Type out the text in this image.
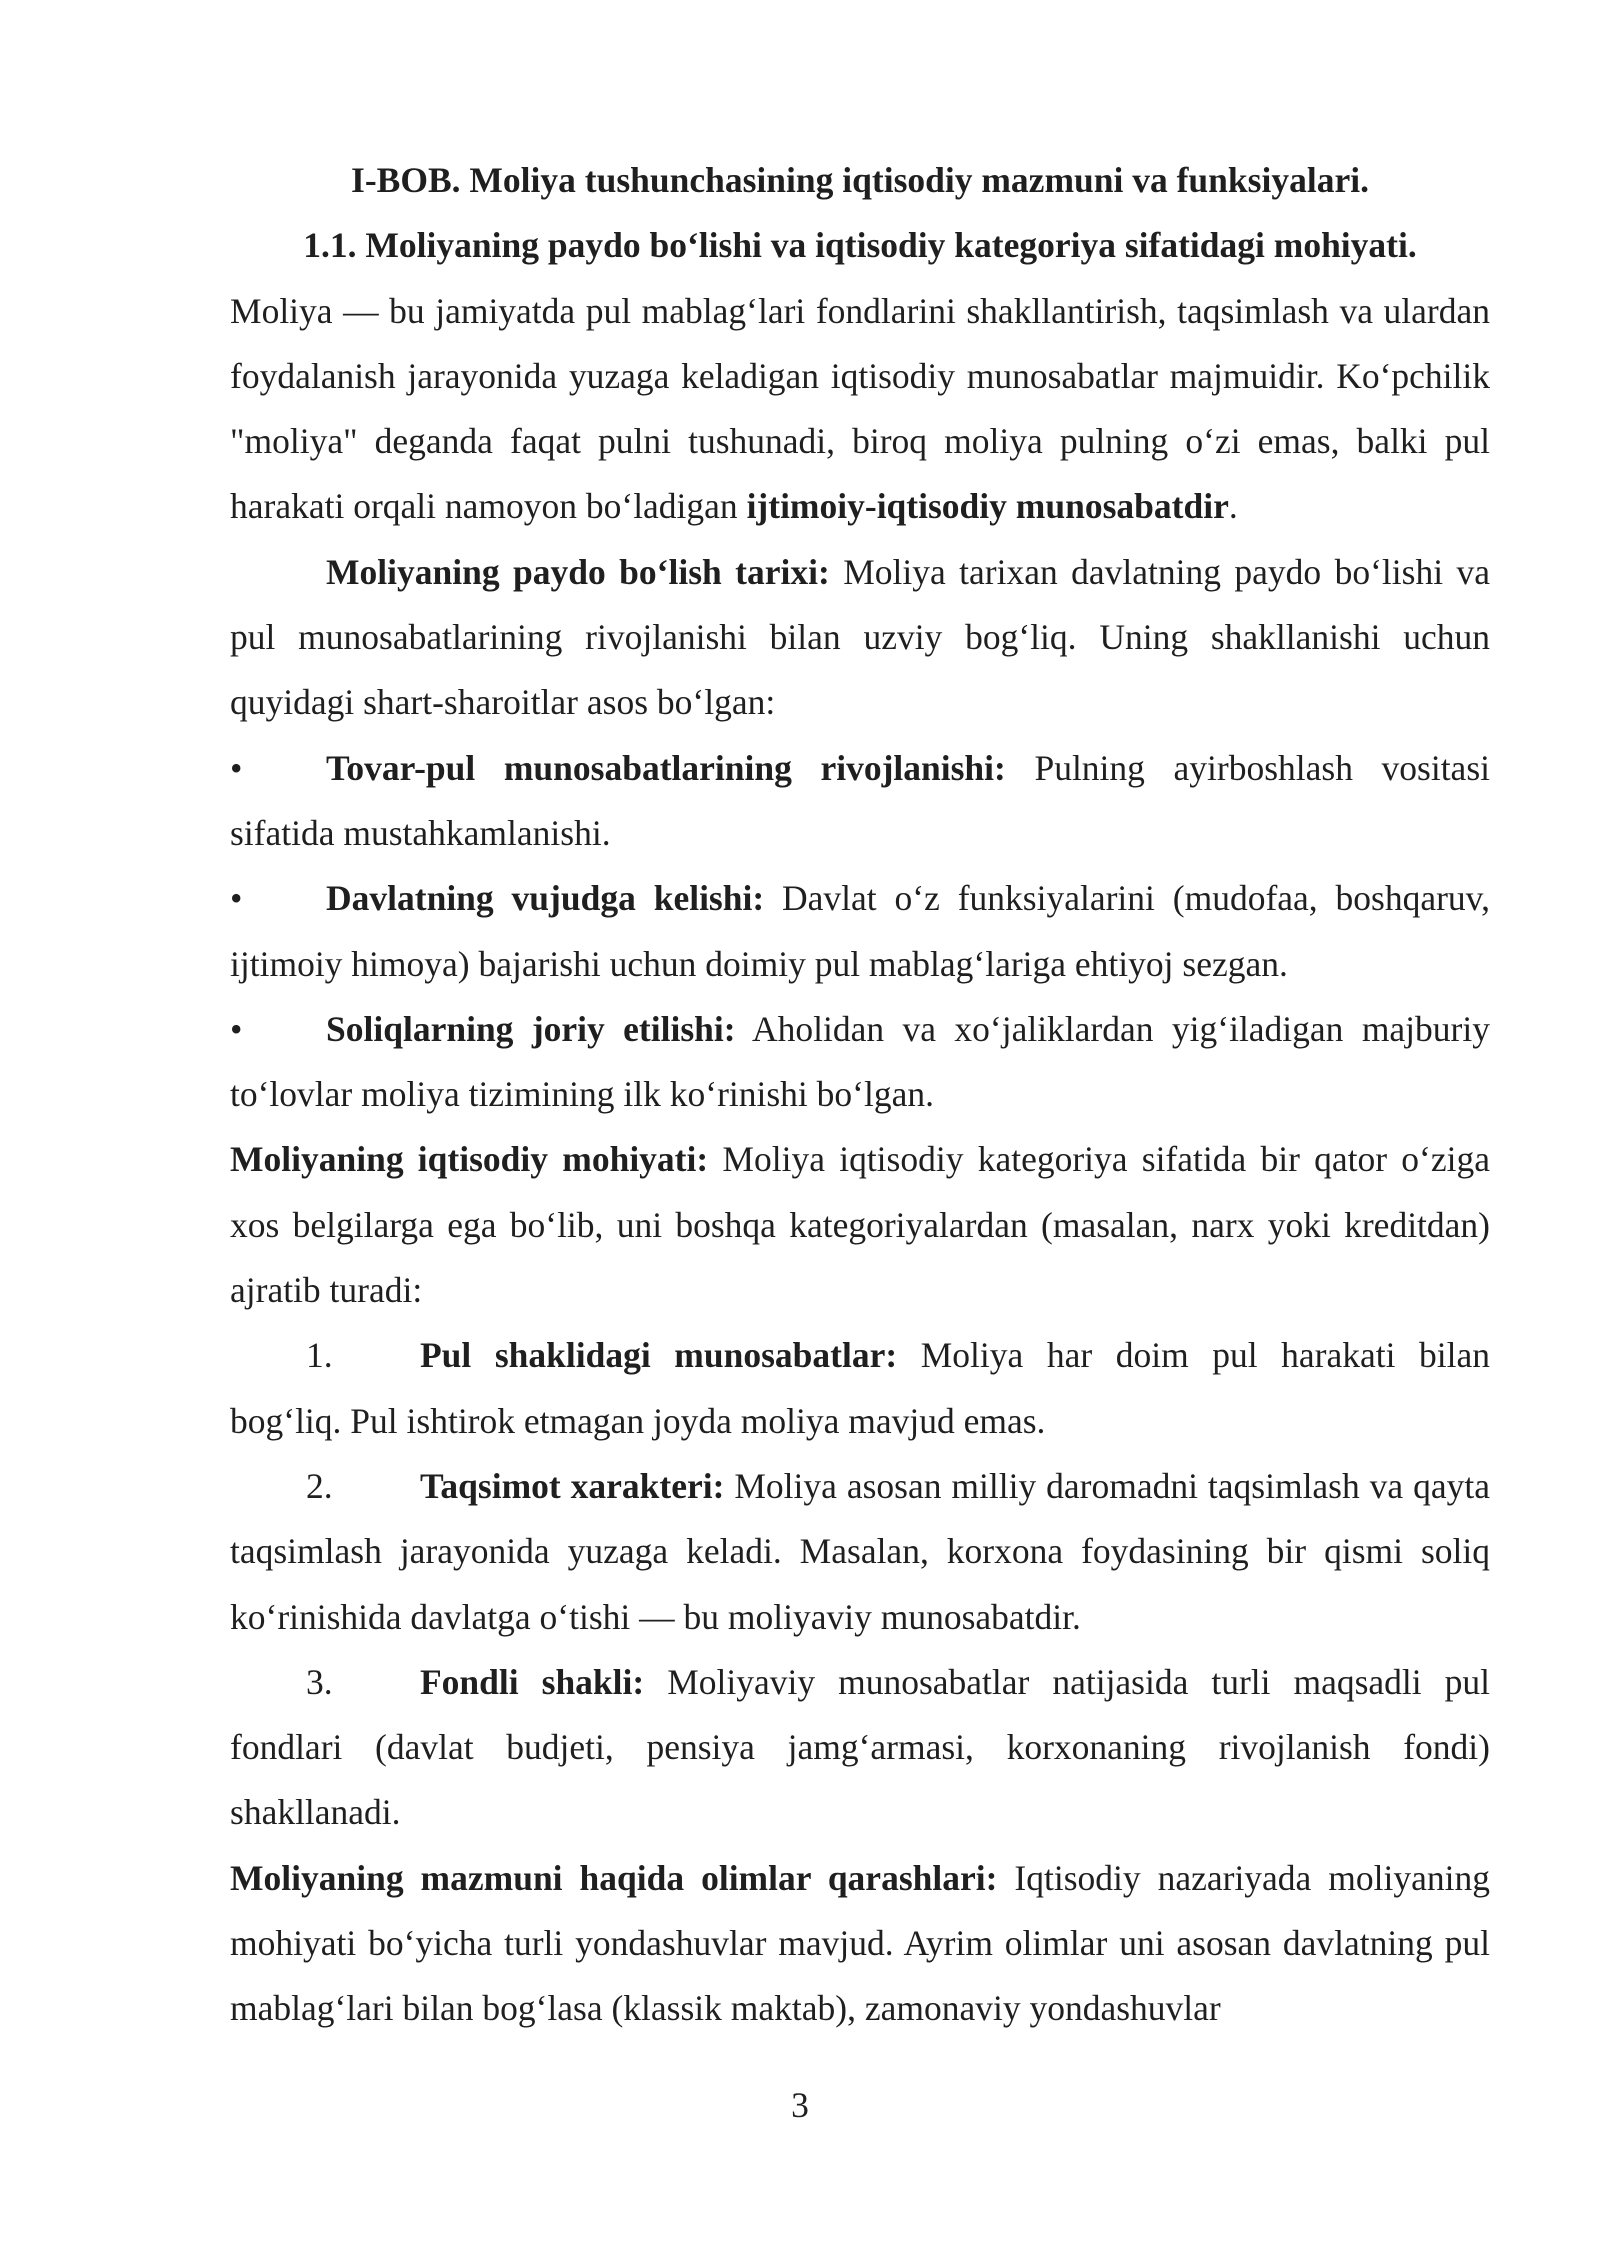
I-BOB. Moliya tushunchasining iqtisodiy mazmuni va funksiyalari.

1.1. Moliyaning paydo bo‘lishi va iqtisodiy kategoriya sifatidagi mohiyati.

Moliya — bu jamiyatda pul mablag‘lari fondlarini shakllantirish, taqsimlash va ulardan foydalanish jarayonida yuzaga keladigan iqtisodiy munosabatlar majmuidir. Ko‘pchilik "moliya" deganda faqat pulni tushunadi, biroq moliya pulning o‘zi emas, balki pul harakati orqali namoyon bo‘ladigan ijtimoiy-iqtisodiy munosabatdir.

Moliyaning paydo bo‘lish tarixi: Moliya tarixan davlatning paydo bo‘lishi va pul munosabatlarining rivojlanishi bilan uzviy bog‘liq. Uning shakllanishi uchun quyidagi shart-sharoitlar asos bo‘lgan:

• Tovar-pul munosabatlarining rivojlanishi: Pulning ayirboshlash vositasi sifatida mustahkamlanishi.

• Davlatning vujudga kelishi: Davlat o‘z funksiyalarini (mudofaa, boshqaruv, ijtimoiy himoya) bajarishi uchun doimiy pul mablag‘lariga ehtiyoj sezgan.

• Soliqlarning joriy etilishi: Aholidan va xo‘jaliklardan yig‘iladigan majburiy to‘lovlar moliya tizimining ilk ko‘rinishi bo‘lgan.

Moliyaning iqtisodiy mohiyati: Moliya iqtisodiy kategoriya sifatida bir qator o‘ziga xos belgilarga ega bo‘lib, uni boshqa kategoriyalardan (masalan, narx yoki kreditdan) ajratib turadi:

1. Pul shaklidagi munosabatlar: Moliya har doim pul harakati bilan bog‘liq. Pul ishtirok etmagan joyda moliya mavjud emas.

2. Taqsimot xarakteri: Moliya asosan milliy daromadni taqsimlash va qayta taqsimlash jarayonida yuzaga keladi. Masalan, korxona foydasining bir qismi soliq ko‘rinishida davlatga o‘tishi — bu moliyaviy munosabatdir.

3. Fondli shakli: Moliyaviy munosabatlar natijasida turli maqsadli pul fondlari (davlat budjeti, pensiya jamg‘armasi, korxonaning rivojlanish fondi) shakllanadi.

Moliyaning mazmuni haqida olimlar qarashlari: Iqtisodiy nazariyada moliyaning mohiyati bo‘yicha turli yondashuvlar mavjud. Ayrim olimlar uni asosan davlatning pul mablag‘lari bilan bog‘lasa (klassik maktab), zamonaviy yondashuvlar

3
